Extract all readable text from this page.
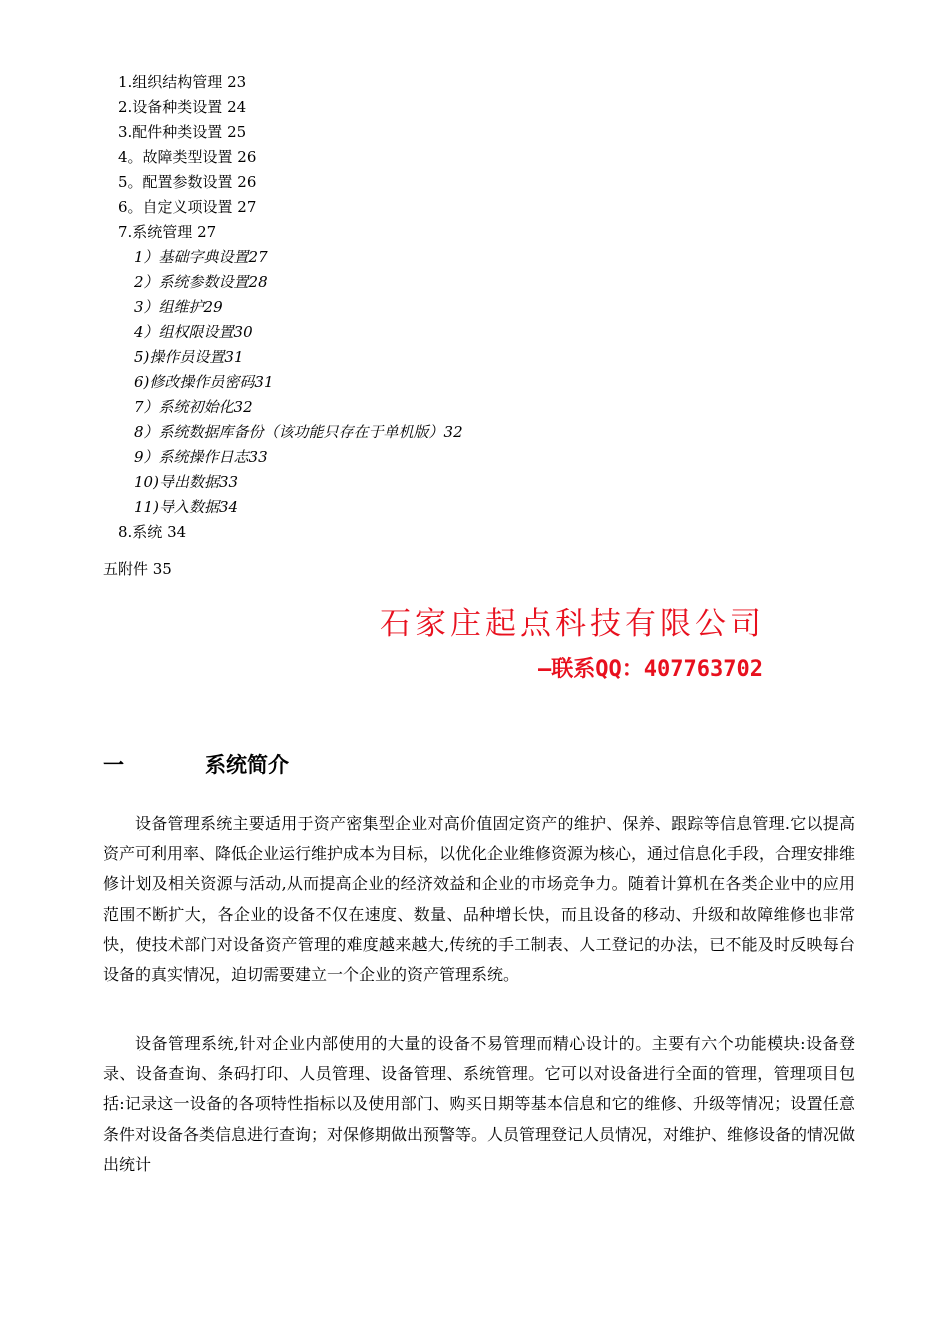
1.组织结构管理 23
2.设备种类设置 24
3.配件种类设置 25
4。故障类型设置 26
5。配置参数设置 26
6。自定义项设置 27
7.系统管理 27
1）基础字典设置27
2）系统参数设置28
3）组维护29
4）组权限设置30
5)操作员设置31
6)修改操作员密码31
7）系统初始化32
8）系统数据库备份（该功能只存在于单机版）32
9）系统操作日志33
10)导出数据33
11)导入数据34
8.系统 34
五附件 35
石家庄起点科技有限公司
—联系QQ：407763702
一	系统简介

设备管理系统主要适用于资产密集型企业对高价值固定资产的维护、保养、跟踪等信息管理.它以提高资产可利用率、降低企业运行维护成本为目标，以优化企业维修资源为核心，通过信息化手段，合理安排维修计划及相关资源与活动,从而提高企业的经济效益和企业的市场竞争力。随着计算机在各类企业中的应用范围不断扩大，各企业的设备不仅在速度、数量、品种增长快，而且设备的移动、升级和故障维修也非常快，使技术部门对设备资产管理的难度越来越大,传统的手工制表、人工登记的办法，已不能及时反映每台设备的真实情况，迫切需要建立一个企业的资产管理系统。

设备管理系统,针对企业内部使用的大量的设备不易管理而精心设计的。主要有六个功能模块:设备登录、设备查询、条码打印、人员管理、设备管理、系统管理。它可以对设备进行全面的管理，管理项目包括:记录这一设备的各项特性指标以及使用部门、购买日期等基本信息和它的维修、升级等情况；设置任意条件对设备各类信息进行查询；对保修期做出预警等。人员管理登记人员情况，对维护、维修设备的情况做出统计
